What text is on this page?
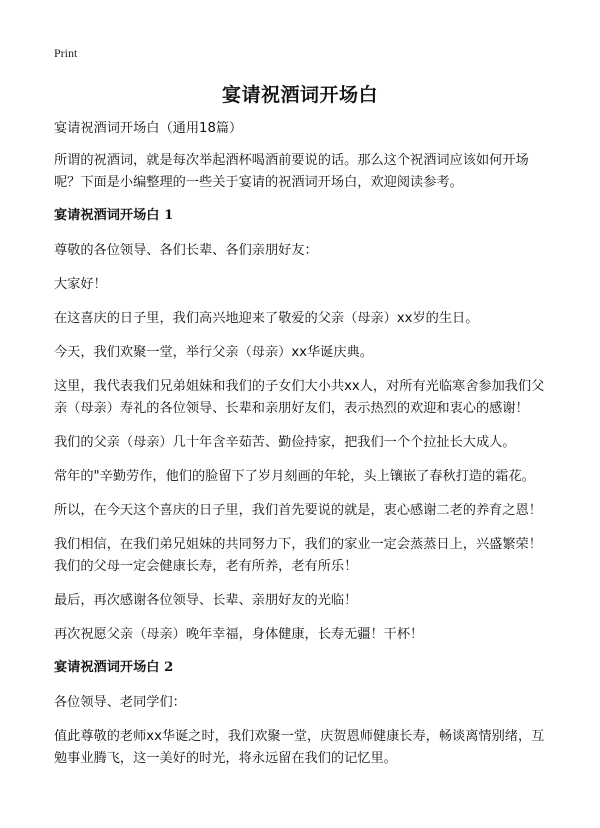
Print
宴请祝酒词开场白

宴请祝酒词开场白（通用18篇）

所谓的祝酒词，就是每次举起酒杯喝酒前要说的话。那么这个祝酒词应该如何开场呢？下面是小编整理的一些关于宴请的祝酒词开场白，欢迎阅读参考。

宴请祝酒词开场白 1

尊敬的各位领导、各们长辈、各们亲朋好友：

大家好！

在这喜庆的日子里，我们高兴地迎来了敬爱的父亲（母亲）xx岁的生日。

今天，我们欢聚一堂，举行父亲（母亲）xx华诞庆典。

这里，我代表我们兄弟姐妹和我们的子女们大小共xx人，对所有光临寒舍参加我们父亲（母亲）寿礼的各位领导、长辈和亲朋好友们，表示热烈的欢迎和衷心的感谢！

我们的父亲（母亲）几十年含辛茹苦、勤俭持家，把我们一个个拉扯长大成人。

常年的"辛勤劳作，他们的脸留下了岁月刻画的年轮，头上镶嵌了春秋打造的霜花。

所以，在今天这个喜庆的日子里，我们首先要说的就是，衷心感谢二老的养育之恩！

我们相信，在我们弟兄姐妹的共同努力下，我们的家业一定会蒸蒸日上，兴盛繁荣！我们的父母一定会健康长寿，老有所养，老有所乐！

最后，再次感谢各位领导、长辈、亲朋好友的光临！

再次祝愿父亲（母亲）晚年幸福，身体健康，长寿无疆！干杯！

宴请祝酒词开场白 2

各位领导、老同学们：

值此尊敬的老师xx华诞之时，我们欢聚一堂，庆贺恩师健康长寿，畅谈离情别绪，互勉事业腾飞，这一美好的时光，将永远留在我们的记忆里。
